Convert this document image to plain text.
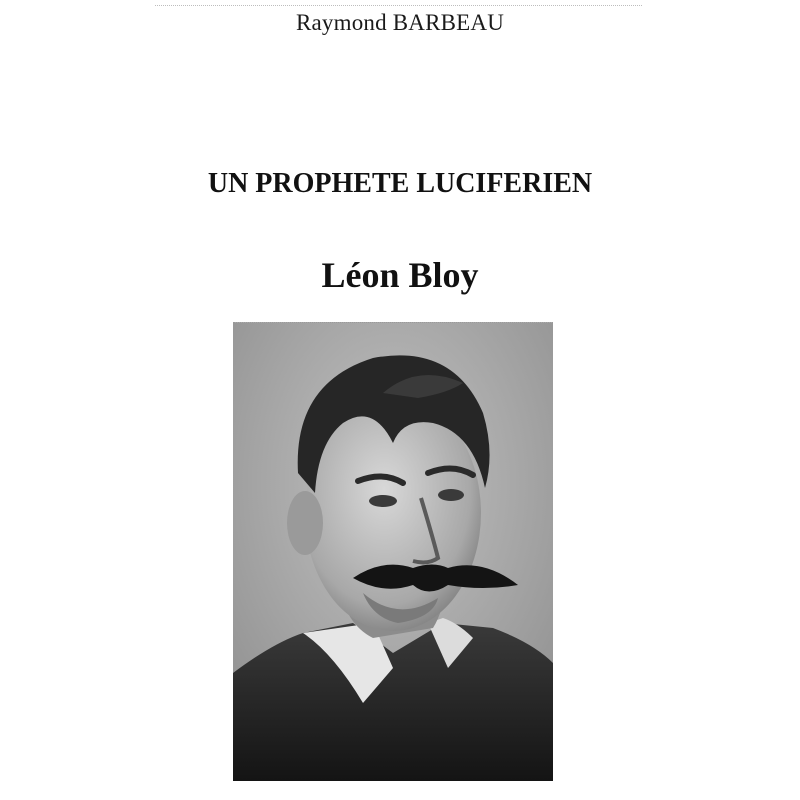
Raymond BARBEAU
UN PROPHETE LUCIFERIEN
Léon Bloy
